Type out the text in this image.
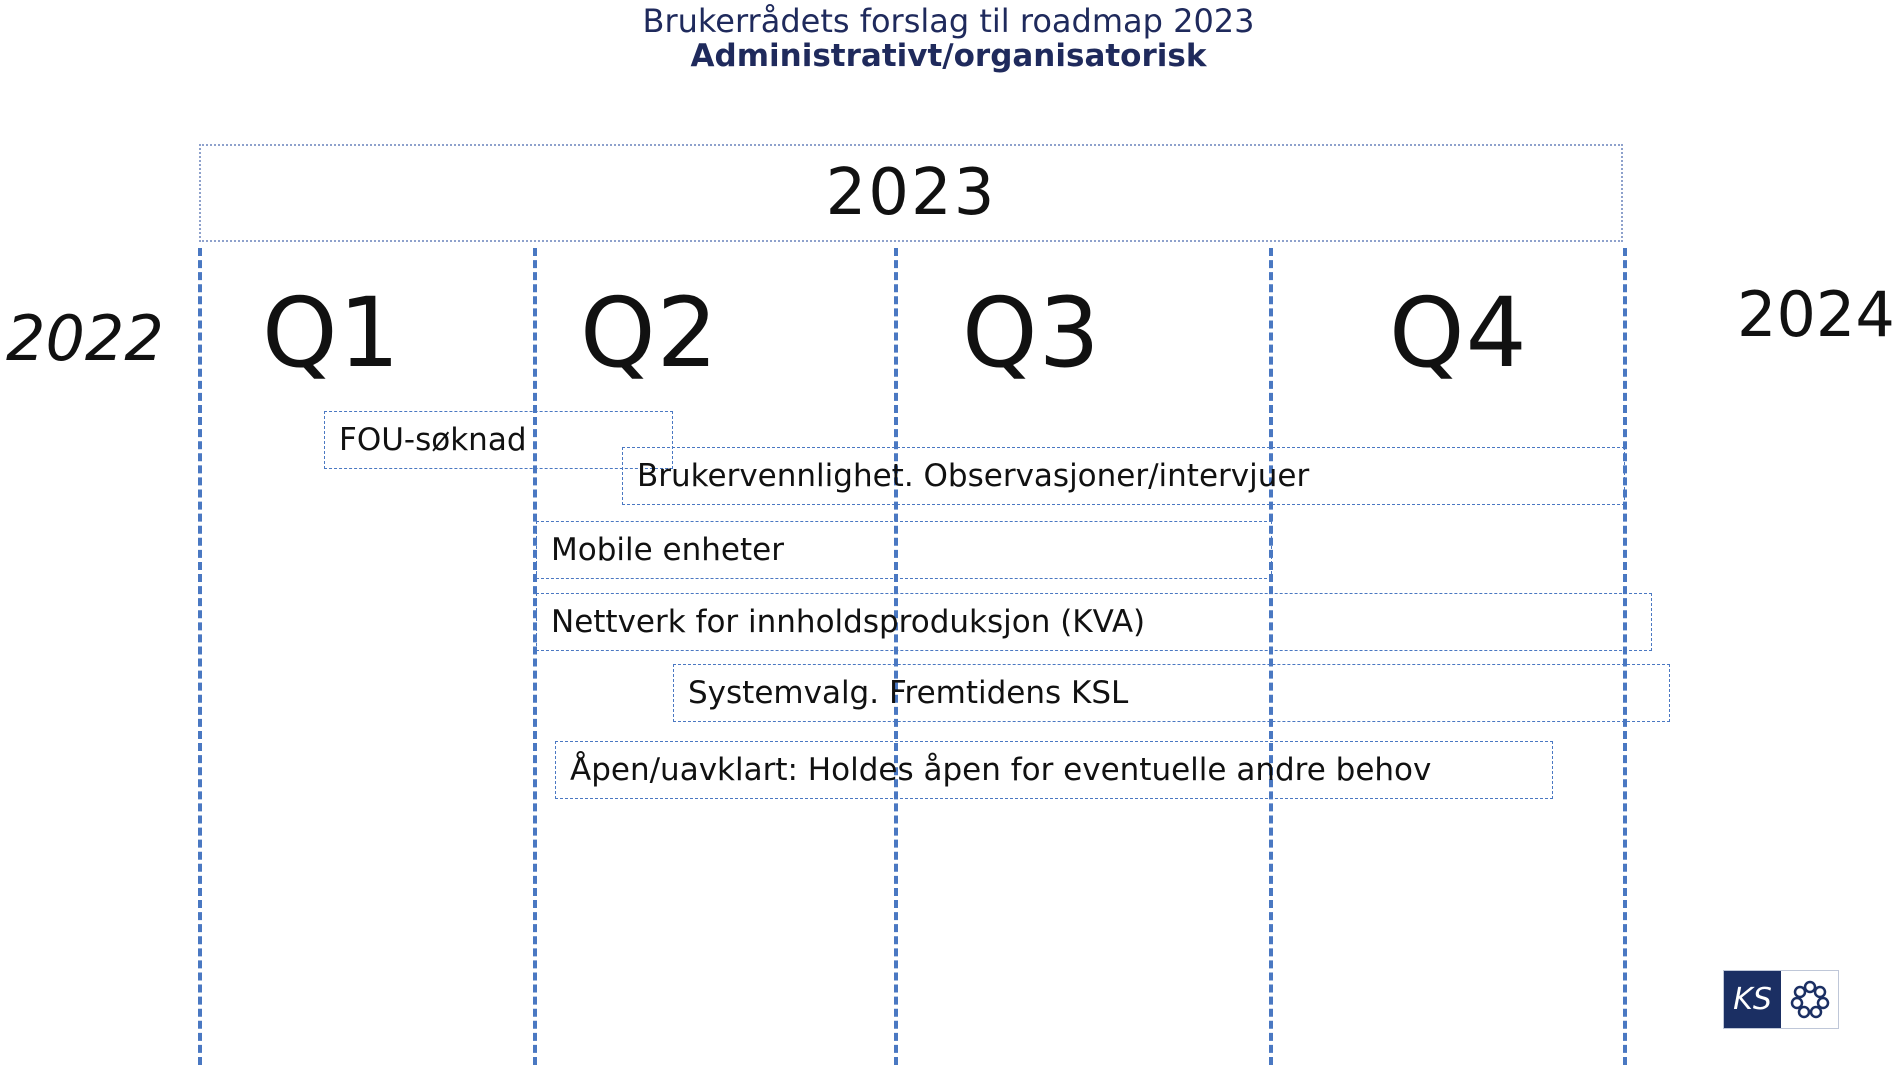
Brukerrådets forslag til roadmap 2023
Administrativt/organisatorisk
2023
2022	2024
Q1 Q2	Q3	Q4
FOU-søknad
Brukervennlighet. Observasjoner/intervjuer
Mobile enheter
Nettverk for innholdsproduksjon (KVA)
Systemvalg. Fremtidens KSL
Åpen/uavklart: Holdes åpen for eventuelle andre behov
KS
